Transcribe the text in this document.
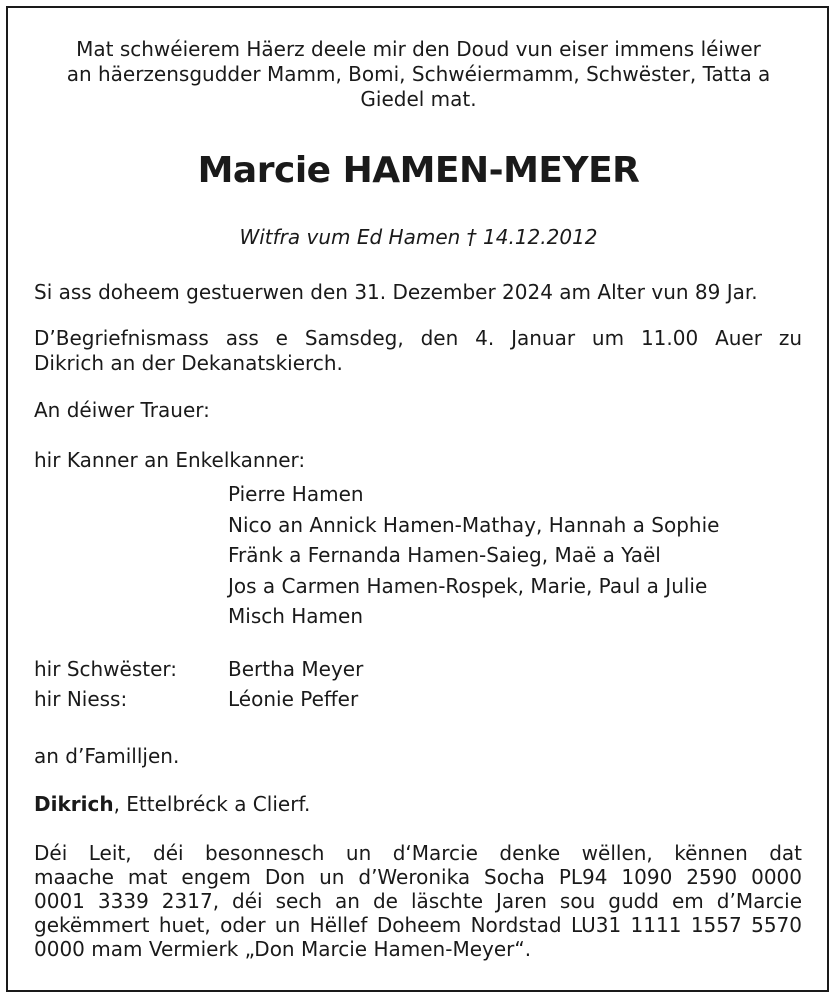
Mat schwéierem Häerz deele mir den Doud vun eiser immens léiwer
an häerzensgudder Mamm, Bomi, Schwéiermamm, Schwëster, Tatta a
Giedel mat.
Marcie HAMEN-MEYER
Witfra vum Ed Hamen † 14.12.2012
Si ass doheem gestuerwen den 31. Dezember 2024 am Alter vun 89 Jar.
D’Begriefnismass ass e Samsdeg, den 4. Januar um 11.00 Auer zu
Dikrich an der Dekanatskierch.
An déiwer Trauer:
hir Kanner an Enkelkanner:
Pierre Hamen
Nico an Annick Hamen-Mathay, Hannah a Sophie
Fränk a Fernanda Hamen-Saieg, Maë a Yaël
Jos a Carmen Hamen-Rospek, Marie, Paul a Julie
Misch Hamen
hir Schwëster:	Bertha Meyer
hir Niess:	Léonie Peffer
an d’Familljen.
Dikrich, Ettelbréck a Clierf.
Déi Leit, déi besonnesch un d‘Marcie denke wëllen, kënnen dat
maache mat engem Don un d’Weronika Socha PL94 1090 2590 0000
0001 3339 2317, déi sech an de läschte Jaren sou gudd em d’Marcie
gekëmmert huet, oder un Hëllef Doheem Nordstad LU31 1111 1557 5570
0000 mam Vermierk „Don Marcie Hamen-Meyer“.
